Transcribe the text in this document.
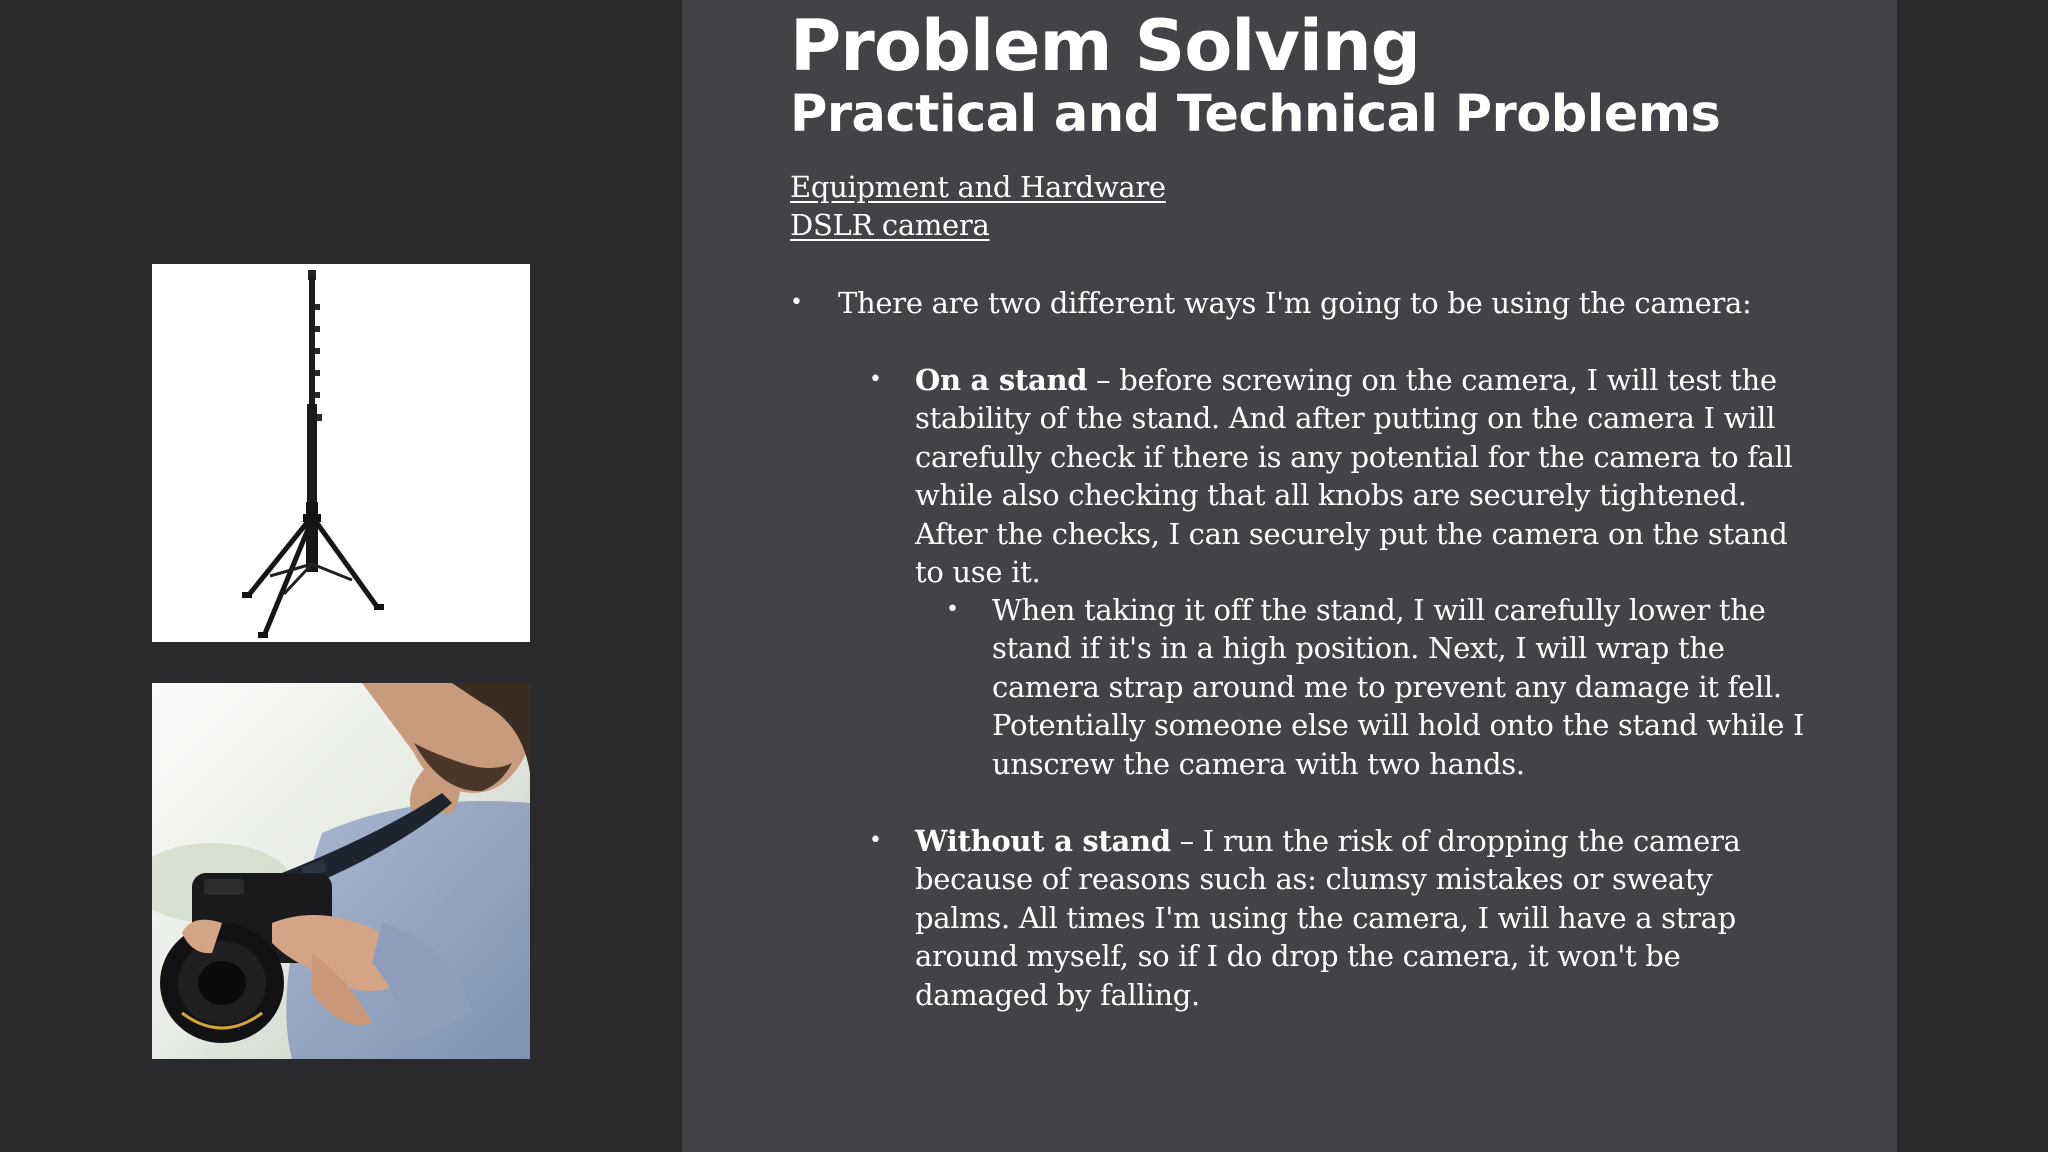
Problem Solving
Practical and Technical Problems
Equipment and Hardware
DSLR camera
• There are two different ways I'm going to be using the camera:
• On a stand – before screwing on the camera, I will test the stability of the stand. And after putting on the camera I will carefully check if there is any potential for the camera to fall while also checking that all knobs are securely tightened. After the checks, I can securely put the camera on the stand to use it.
• When taking it off the stand, I will carefully lower the stand if it's in a high position. Next, I will wrap the camera strap around me to prevent any damage it fell. Potentially someone else will hold onto the stand while I unscrew the camera with two hands.
• Without a stand – I run the risk of dropping the camera because of reasons such as: clumsy mistakes or sweaty palms. All times I'm using the camera, I will have a strap around myself, so if I do drop the camera, it won't be damaged by falling.
